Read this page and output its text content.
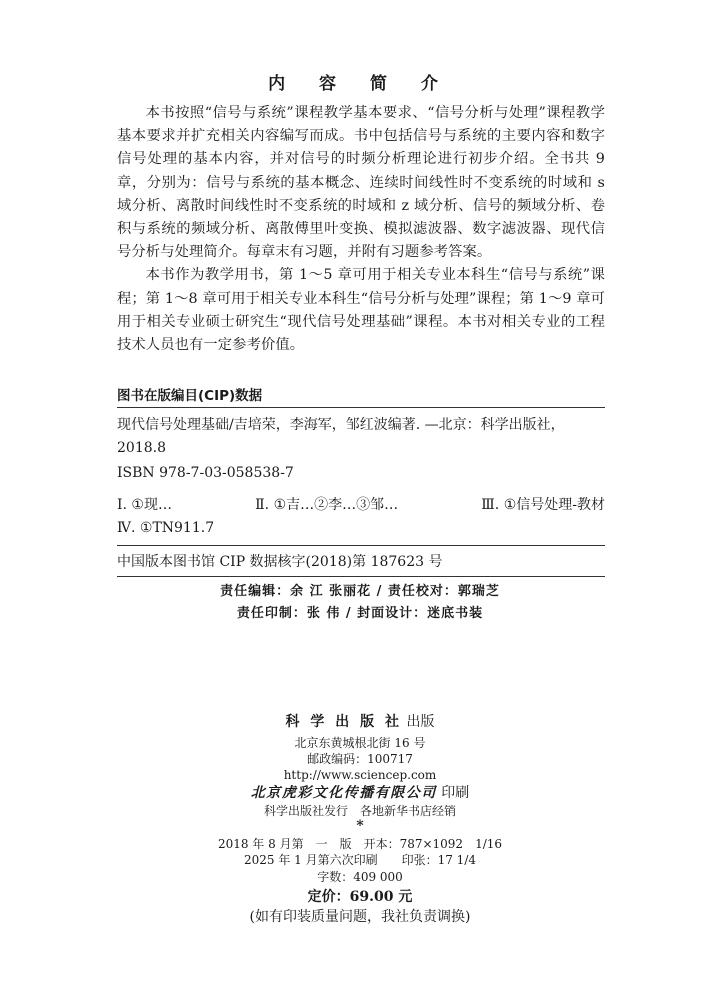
内 容 简 介

本书按照“信号与系统”课程教学基本要求、“信号分析与处理”课程教学基本要求并扩充相关内容编写而成。书中包括信号与系统的主要内容和数字信号处理的基本内容，并对信号的时频分析理论进行初步介绍。全书共 9 章，分别为：信号与系统的基本概念、连续时间线性时不变系统的时域和 s 域分析、离散时间线性时不变系统的时域和 z 域分析、信号的频域分析、卷积与系统的频域分析、离散傅里叶变换、模拟滤波器、数字滤波器、现代信号分析与处理简介。每章末有习题，并附有习题参考答案。

本书作为教学用书，第 1～5 章可用于相关专业本科生“信号与系统”课程；第 1～8 章可用于相关专业本科生“信号分析与处理”课程；第 1～9 章可用于相关专业硕士研究生“现代信号处理基础”课程。本书对相关专业的工程技术人员也有一定参考价值。

图书在版编目(CIP)数据
现代信号处理基础/吉培荣，李海军，邹红波编著. —北京：科学出版社，
2018.8
ISBN 978-7-03-058538-7
Ⅰ. ①现…	Ⅱ. ①吉…②李…③邹…	Ⅲ. ①信号处理-教材
Ⅳ. ①TN911.7
中国版本图书馆 CIP 数据核字(2018)第 187623 号
责任编辑：余 江 张丽花 / 责任校对：郭瑞芝
责任印制：张 伟 / 封面设计：迷底书装
科 学 出 版 社 出版
北京东黄城根北街 16 号
邮政编码：100717
http://www.sciencep.com
北京虎彩文化传播有限公司 印刷
科学出版社发行　各地新华书店经销
*
2018 年 8 月第　一　版　开本：787×1092　1/16
2025 年 1 月第六次印刷　　印张：17 1/4
字数：409 000
定价：69.00 元
(如有印装质量问题，我社负责调换)
